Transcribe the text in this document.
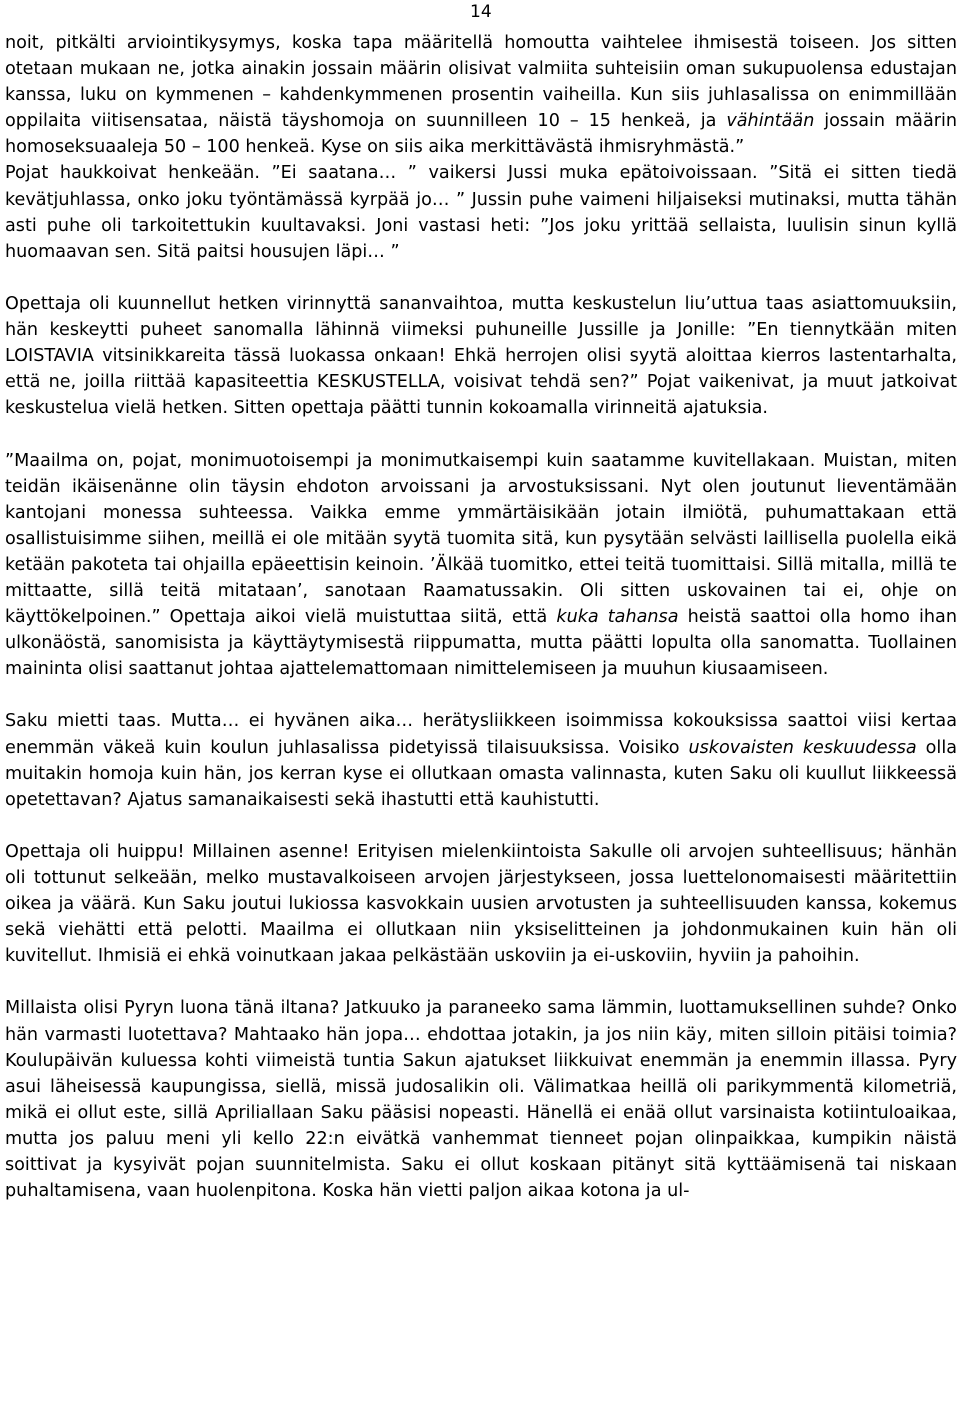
14

noit, pitkälti arviointikysymys, koska tapa määritellä homoutta vaihtelee ihmisestä toiseen. Jos sitten otetaan mukaan ne, jotka ainakin jossain määrin olisivat valmiita suhteisiin oman sukupuolensa edustajan kanssa, luku on kymmenen – kahdenkymmenen prosentin vaiheilla. Kun siis juhlasalissa on enimmillään oppilaita viitisensataa, näistä täyshomoja on suunnilleen 10 – 15 henkeä, ja vähintään jossain määrin homoseksuaaleja 50 – 100 henkeä. Kyse on siis aika merkittävästä ihmisryhmästä.”

Pojat haukkoivat henkeään. ”Ei saatana… ” vaikersi Jussi muka epätoivoissaan. ”Sitä ei sitten tiedä kevätjuhlassa, onko joku työntämässä kyrpää jo… ” Jussin puhe vaimeni hiljaiseksi mutinaksi, mutta tähän asti puhe oli tarkoitettukin kuultavaksi. Joni vastasi heti: ”Jos joku yrittää sellaista, luulisin sinun kyllä huomaavan sen. Sitä paitsi housujen läpi… ”

Opettaja oli kuunnellut hetken virinnyttä sananvaihtoa, mutta keskustelun liu’uttua taas asiattomuuksiin, hän keskeytti puheet sanomalla lähinnä viimeksi puhuneille Jussille ja Jonille: ”En tiennytkään miten LOISTAVIA vitsinikkareita tässä luokassa onkaan! Ehkä herrojen olisi syytä aloittaa kierros lastentarhalta, että ne, joilla riittää kapasiteettia KESKUSTELLA, voisivat tehdä sen?” Pojat vaikenivat, ja muut jatkoivat keskustelua vielä hetken. Sitten opettaja päätti tunnin kokoamalla virinneitä ajatuksia.

”Maailma on, pojat, monimuotoisempi ja monimutkaisempi kuin saatamme kuvitellakaan. Muistan, miten teidän ikäisenänne olin täysin ehdoton arvoissani ja arvostuksissani. Nyt olen joutunut lieventämään kantojani monessa suhteessa. Vaikka emme ymmärtäisikään jotain ilmiötä, puhumattakaan että osallistuisimme siihen, meillä ei ole mitään syytä tuomita sitä, kun pysytään selvästi laillisella puolella eikä ketään pakoteta tai ohjailla epäeettisin keinoin. ’Älkää tuomitko, ettei teitä tuomittaisi. Sillä mitalla, millä te mittaatte, sillä teitä mitataan’, sanotaan Raamatussakin. Oli sitten uskovainen tai ei, ohje on käyttökelpoinen.” Opettaja aikoi vielä muistuttaa siitä, että kuka tahansa heistä saattoi olla homo ihan ulkonäöstä, sanomisista ja käyttäytymisestä riippumatta, mutta päätti lopulta olla sanomatta. Tuollainen maininta olisi saattanut johtaa ajattelemattomaan nimittelemiseen ja muuhun kiusaamiseen.

Saku mietti taas. Mutta… ei hyvänen aika… herätysliikkeen isoimmissa kokouksissa saattoi viisi kertaa enemmän väkeä kuin koulun juhlasalissa pidetyissä tilaisuuksissa. Voisiko uskovaisten keskuudessa olla muitakin homoja kuin hän, jos kerran kyse ei ollutkaan omasta valinnasta, kuten Saku oli kuullut liikkeessä opetettavan? Ajatus samanaikaisesti sekä ihastutti että kauhistutti.

Opettaja oli huippu! Millainen asenne! Erityisen mielenkiintoista Sakulle oli arvojen suhteellisuus; hänhän oli tottunut selkeään, melko mustavalkoiseen arvojen järjestykseen, jossa luettelonomaisesti määritettiin oikea ja väärä. Kun Saku joutui lukiossa kasvokkain uusien arvotusten ja suhteellisuuden kanssa, kokemus sekä viehätti että pelotti. Maailma ei ollutkaan niin yksiselitteinen ja johdonmukainen kuin hän oli kuvitellut. Ihmisiä ei ehkä voinutkaan jakaa pelkästään uskoviin ja ei-uskoviin, hyviin ja pahoihin.

Millaista olisi Pyryn luona tänä iltana? Jatkuuko ja paraneeko sama lämmin, luottamuksellinen suhde? Onko hän varmasti luotettava? Mahtaako hän jopa… ehdottaa jotakin, ja jos niin käy, miten silloin pitäisi toimia? Koulupäivän kuluessa kohti viimeistä tuntia Sakun ajatukset liikkuivat enemmän ja enemmin illassa. Pyry asui läheisessä kaupungissa, siellä, missä judosalikin oli. Välimatkaa heillä oli parikymmentä kilometriä, mikä ei ollut este, sillä Apriliallaan Saku pääsisi nopeasti. Hänellä ei enää ollut varsinaista kotiintuloaikaa, mutta jos paluu meni yli kello 22:n eivätkä vanhemmat tienneet pojan olinpaikkaa, kumpikin näistä soittivat ja kysyivät pojan suunnitelmista. Saku ei ollut koskaan pitänyt sitä kyttäämisenä tai niskaan puhaltamisena, vaan huolenpitona. Koska hän vietti paljon aikaa kotona ja ul-
